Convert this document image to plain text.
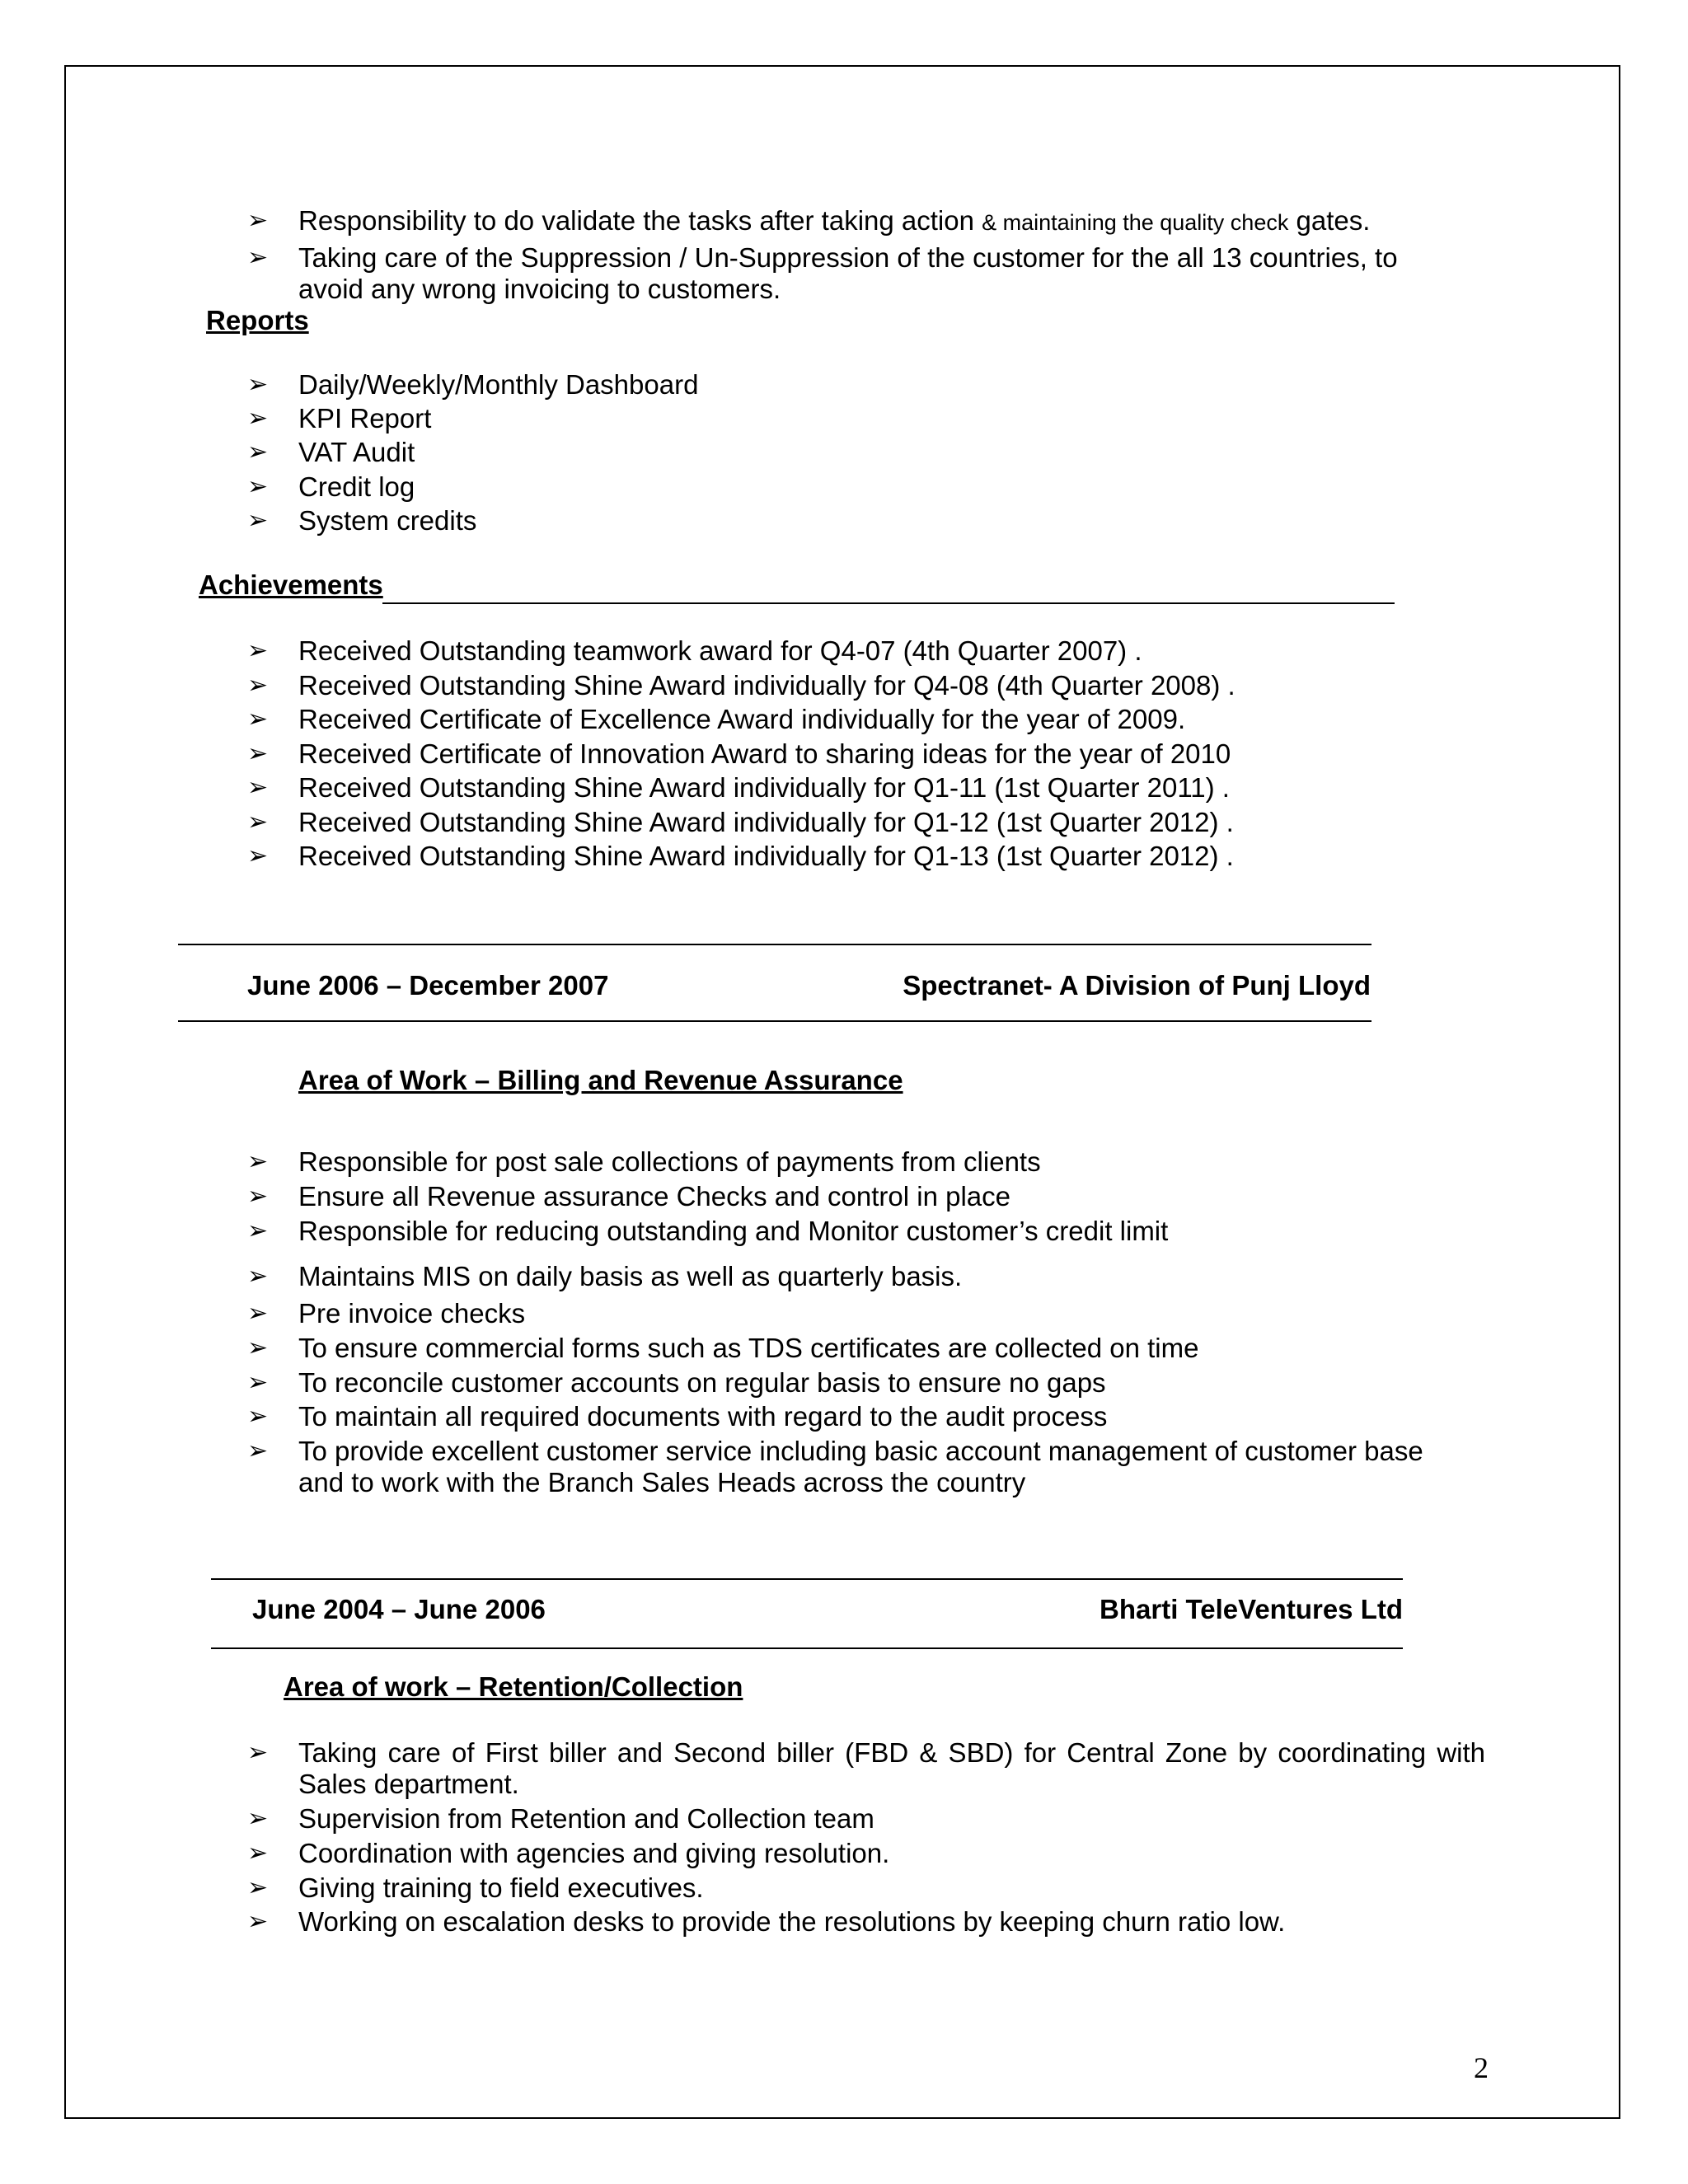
➢ Responsibility to do validate the tasks after taking action & maintaining the quality check gates.
➢ Taking care of the Suppression / Un-Suppression of the customer for the all 13 countries, to
avoid any wrong invoicing to customers.
Reports
➢ Daily/Weekly/Monthly Dashboard
➢ KPI Report
➢ VAT Audit
➢ Credit log
➢ System credits
Achievements
➢ Received Outstanding teamwork award for Q4-07 (4th Quarter 2007) .
➢ Received Outstanding Shine Award individually for Q4-08 (4th Quarter 2008) .
➢ Received Certificate of Excellence Award individually for the year of 2009.
➢ Received Certificate of Innovation Award to sharing ideas for the year of 2010
➢ Received Outstanding Shine Award individually for Q1-11 (1st Quarter 2011) .
➢ Received Outstanding Shine Award individually for Q1-12 (1st Quarter 2012) .
➢ Received Outstanding Shine Award individually for Q1-13 (1st Quarter 2012) .
June 2006 – December 2007	Spectranet- A Division of Punj Lloyd
Area of Work – Billing and Revenue Assurance
➢ Responsible for post sale collections of payments from clients
➢ Ensure all Revenue assurance Checks and control in place
➢ Responsible for reducing outstanding and Monitor customer’s credit limit
➢ Maintains MIS on daily basis as well as quarterly basis.
➢ Pre invoice checks
➢ To ensure commercial forms such as TDS certificates are collected on time
➢ To reconcile customer accounts on regular basis to ensure no gaps
➢ To maintain all required documents with regard to the audit process
➢ To provide excellent customer service including basic account management of customer base
and to work with the Branch Sales Heads across the country
June 2004 – June 2006	Bharti TeleVentures Ltd
Area of work – Retention/Collection
➢ Taking care of First biller and Second biller (FBD & SBD) for Central Zone by coordinating with
Sales department.
➢ Supervision from Retention and Collection team
➢ Coordination with agencies and giving resolution.
➢ Giving training to field executives.
➢ Working on escalation desks to provide the resolutions by keeping churn ratio low.
2
